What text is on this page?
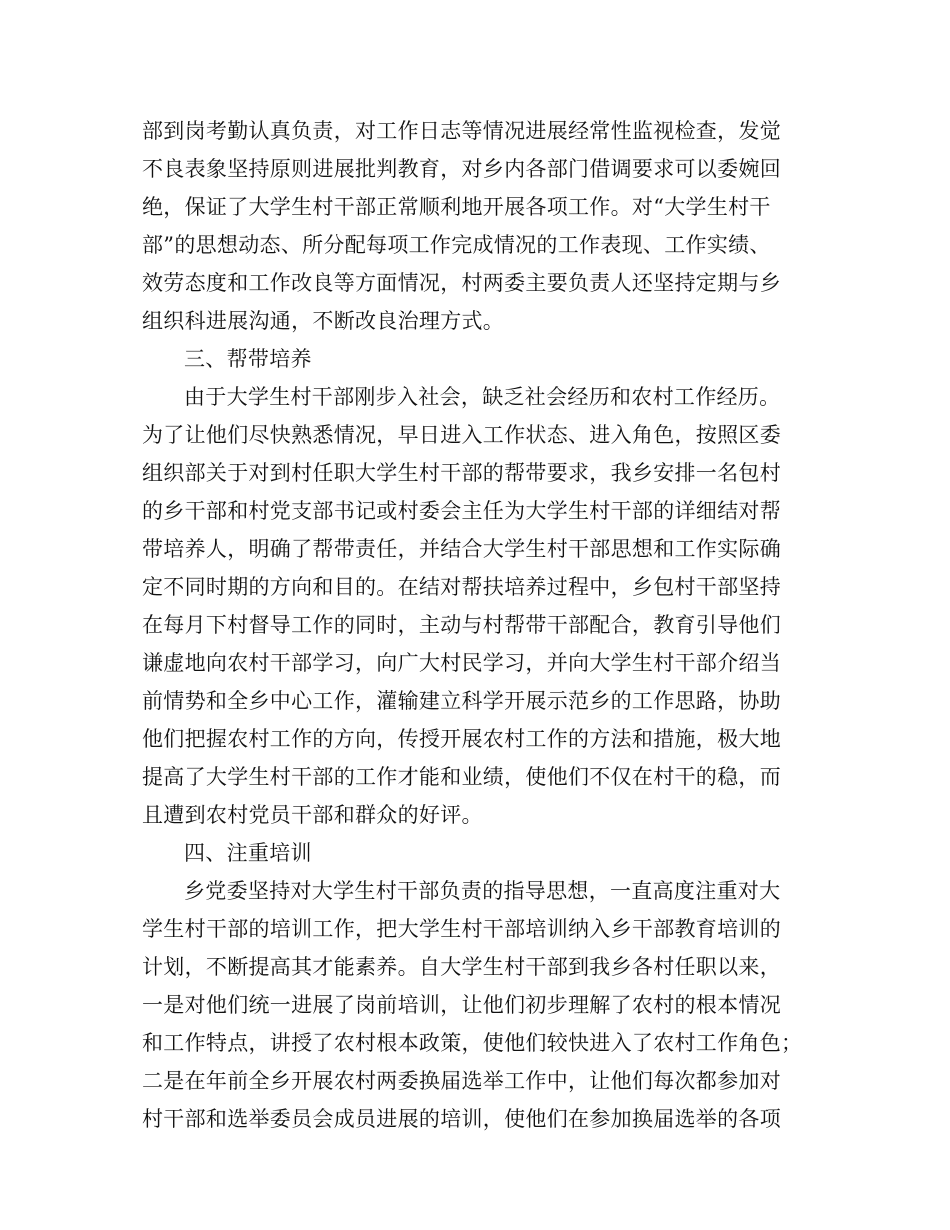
部到岗考勤认真负责，对工作日志等情况进展经常性监视检查，发觉
不良表象坚持原则进展批判教育，对乡内各部门借调要求可以委婉回
绝，保证了大学生村干部正常顺利地开展各项工作。对“大学生村干
部”的思想动态、所分配每项工作完成情况的工作表现、工作实绩、
效劳态度和工作改良等方面情况，村两委主要负责人还坚持定期与乡
组织科进展沟通，不断改良治理方式。
三、帮带培养
由于大学生村干部刚步入社会，缺乏社会经历和农村工作经历。
为了让他们尽快熟悉情况，早日进入工作状态、进入角色，按照区委
组织部关于对到村任职大学生村干部的帮带要求，我乡安排一名包村
的乡干部和村党支部书记或村委会主任为大学生村干部的详细结对帮
带培养人，明确了帮带责任，并结合大学生村干部思想和工作实际确
定不同时期的方向和目的。在结对帮扶培养过程中，乡包村干部坚持
在每月下村督导工作的同时，主动与村帮带干部配合，教育引导他们
谦虚地向农村干部学习，向广大村民学习，并向大学生村干部介绍当
前情势和全乡中心工作，灌输建立科学开展示范乡的工作思路，协助
他们把握农村工作的方向，传授开展农村工作的方法和措施，极大地
提高了大学生村干部的工作才能和业绩，使他们不仅在村干的稳，而
且遭到农村党员干部和群众的好评。
四、注重培训
乡党委坚持对大学生村干部负责的指导思想，一直高度注重对大
学生村干部的培训工作，把大学生村干部培训纳入乡干部教育培训的
计划，不断提高其才能素养。自大学生村干部到我乡各村任职以来，
一是对他们统一进展了岗前培训，让他们初步理解了农村的根本情况
和工作特点，讲授了农村根本政策，使他们较快进入了农村工作角色；
二是在年前全乡开展农村两委换届选举工作中，让他们每次都参加对
村干部和选举委员会成员进展的培训，使他们在参加换届选举的各项
